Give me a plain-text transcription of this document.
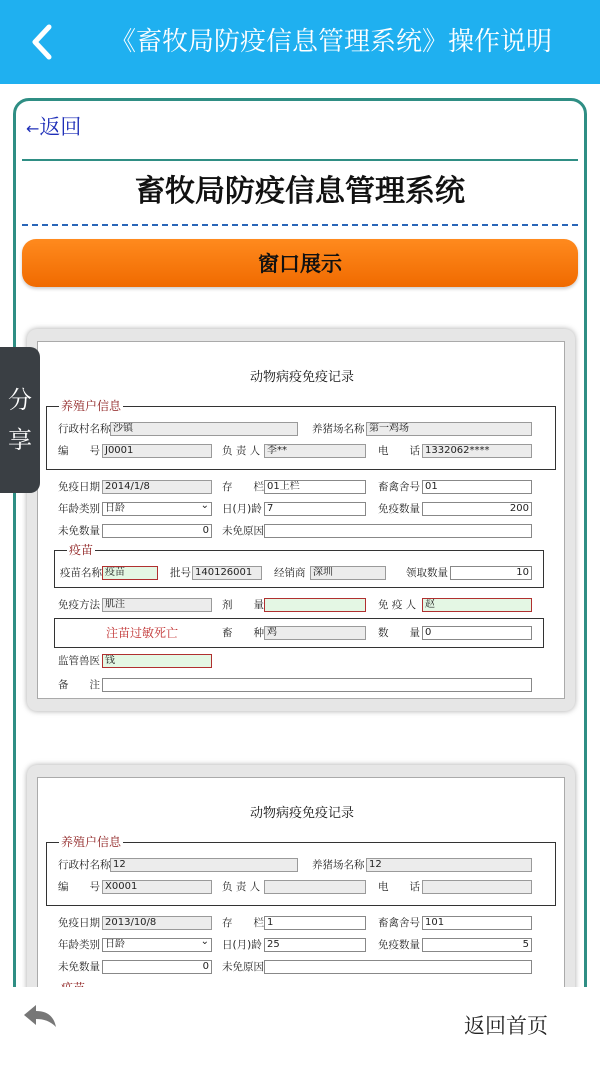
《畜牧局防疫信息管理系统》操作说明
←返回
畜牧局防疫信息管理系统
窗口展示
动物病疫免疫记录
养殖户信息
行政村名称 沙镇	养猪场名称 第一鸡场
编　　号 J0001	负 责 人 李**	电　　话 1332062****
免疫日期 2014/1/8	存　　栏 01上栏	畜禽舍号 01
年龄类别 日龄 ⌄	日(月)龄 7	免疫数量	200
未免数量	0 未免原因
疫苗
疫苗名称 疫苗	批号 140126001	经销商 深圳	领取数量	10
免疫方法 肌注	剂　　量	免 疫 人 赵
注苗过敏死亡	畜　　种 鸡	数　　量 0
监管兽医 钱
备　　注
动物病疫免疫记录
养殖户信息
行政村名称 12	养猪场名称 12
编　　号 X0001	负 责 人	电　　话
免疫日期 2013/10/8	存　　栏 1	畜禽舍号 101
年龄类别 日龄 ⌄	日(月)龄 25	免疫数量	5
未免数量	0 未免原因
分
享
返回首页
